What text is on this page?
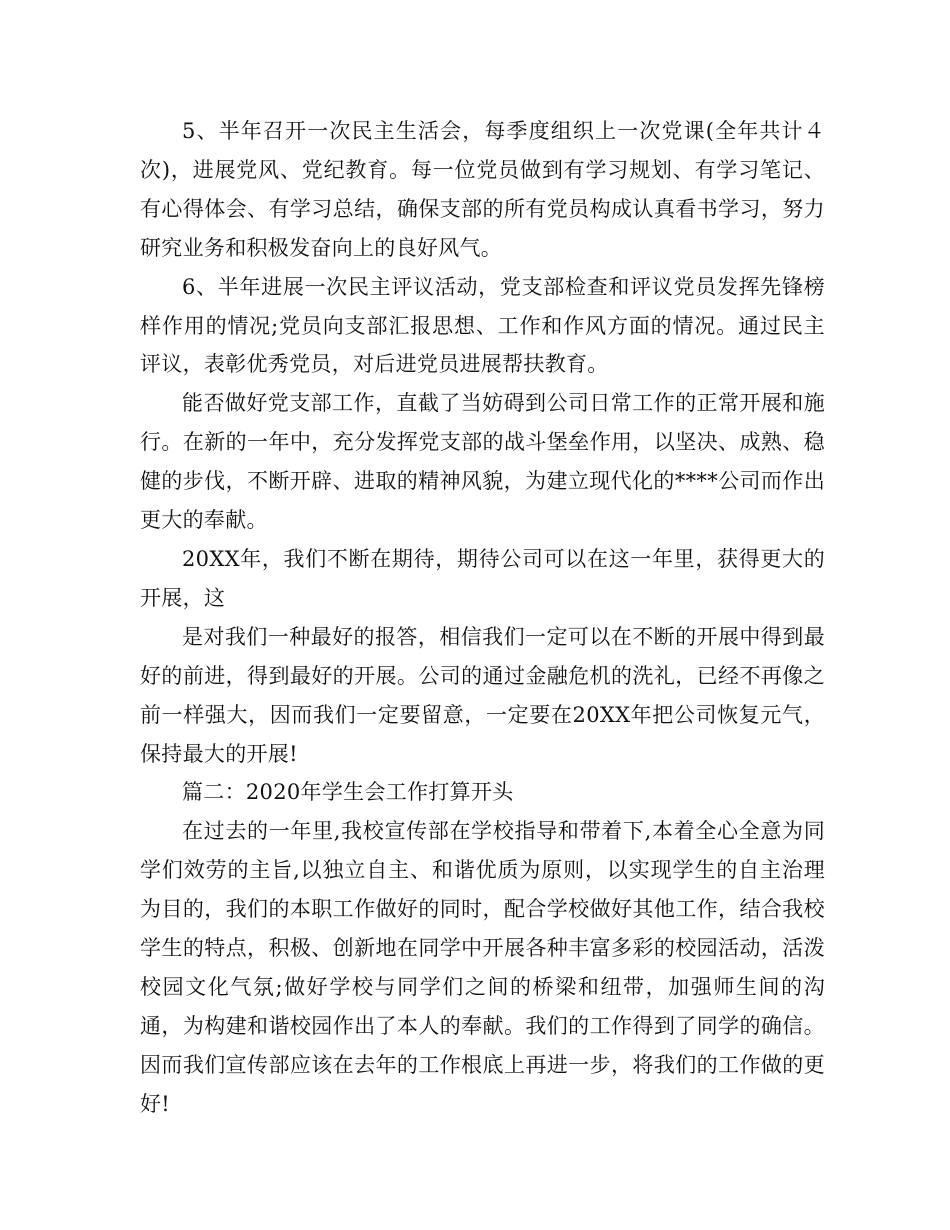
5、半年召开一次民主生活会，每季度组织上一次党课(全年共计４次)，进展党风、党纪教育。每一位党员做到有学习规划、有学习笔记、有心得体会、有学习总结，确保支部的所有党员构成认真看书学习，努力研究业务和积极发奋向上的良好风气。

6、半年进展一次民主评议活动，党支部检查和评议党员发挥先锋榜样作用的情况;党员向支部汇报思想、工作和作风方面的情况。通过民主评议，表彰优秀党员，对后进党员进展帮扶教育。

能否做好党支部工作，直截了当妨碍到公司日常工作的正常开展和施行。在新的一年中，充分发挥党支部的战斗堡垒作用，以坚决、成熟、稳健的步伐，不断开辟、进取的精神风貌，为建立现代化的****公司而作出更大的奉献。

20XX年，我们不断在期待，期待公司可以在这一年里，获得更大的开展，这

是对我们一种最好的报答，相信我们一定可以在不断的开展中得到最好的前进，得到最好的开展。公司的通过金融危机的洗礼，已经不再像之前一样强大，因而我们一定要留意，一定要在20XX年把公司恢复元气，保持最大的开展!

篇二：2020年学生会工作打算开头

在过去的一年里,我校宣传部在学校指导和带着下,本着全心全意为同学们效劳的主旨,以独立自主、和谐优质为原则，以实现学生的自主治理为目的，我们的本职工作做好的同时，配合学校做好其他工作，结合我校学生的特点，积极、创新地在同学中开展各种丰富多彩的校园活动，活泼校园文化气氛;做好学校与同学们之间的桥梁和纽带，加强师生间的沟通，为构建和谐校园作出了本人的奉献。我们的工作得到了同学的确信。因而我们宣传部应该在去年的工作根底上再进一步，将我们的工作做的更好!
